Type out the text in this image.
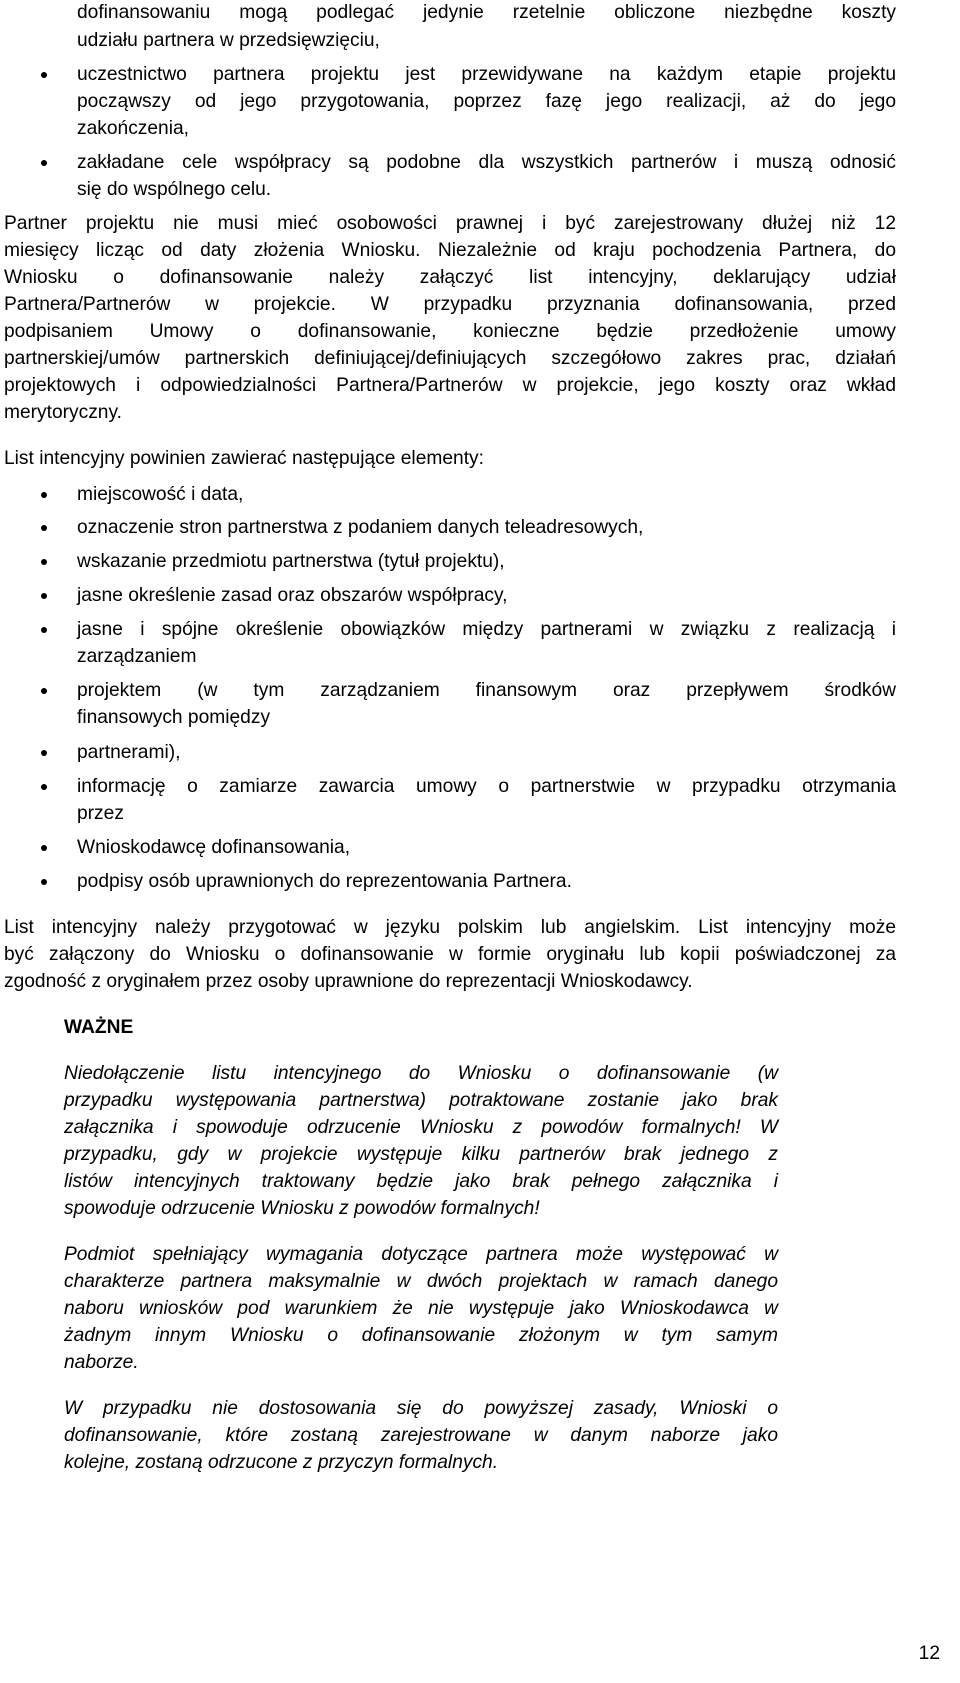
dofinansowaniu mogą podlegać jedynie rzetelnie obliczone niezbędne koszty
udziału partnera w przedsięwzięciu,
uczestnictwo partnera projektu jest przewidywane na każdym etapie projektu
począwszy od jego przygotowania, poprzez fazę jego realizacji, aż do jego
zakończenia,
zakładane cele współpracy są podobne dla wszystkich partnerów i muszą odnosić
się do wspólnego celu.
Partner projektu nie musi mieć osobowości prawnej i być zarejestrowany dłużej niż 12
miesięcy licząc od daty złożenia Wniosku. Niezależnie od kraju pochodzenia Partnera, do
Wniosku o dofinansowanie należy załączyć list intencyjny, deklarujący udział
Partnera/Partnerów w projekcie. W przypadku przyznania dofinansowania, przed
podpisaniem Umowy o dofinansowanie, konieczne będzie przedłożenie umowy
partnerskiej/umów partnerskich definiującej/definiujących szczegółowo zakres prac, działań
projektowych i odpowiedzialności Partnera/Partnerów w projekcie, jego koszty oraz wkład
merytoryczny.
List intencyjny powinien zawierać następujące elementy:
miejscowość i data,
oznaczenie stron partnerstwa z podaniem danych teleadresowych,
wskazanie przedmiotu partnerstwa (tytuł projektu),
jasne określenie zasad oraz obszarów współpracy,
jasne i spójne określenie obowiązków między partnerami w związku z realizacją i
zarządzaniem
projektem (w tym zarządzaniem finansowym oraz przepływem środków
finansowych pomiędzy
partnerami),
informację o zamiarze zawarcia umowy o partnerstwie w przypadku otrzymania
przez
Wnioskodawcę dofinansowania,
podpisy osób uprawnionych do reprezentowania Partnera.
List intencyjny należy przygotować w języku polskim lub angielskim. List intencyjny może
być załączony do Wniosku o dofinansowanie w formie oryginału lub kopii poświadczonej za
zgodność z oryginałem przez osoby uprawnione do reprezentacji Wnioskodawcy.
WAŻNE
Niedołączenie listu intencyjnego do Wniosku o dofinansowanie (w
przypadku występowania partnerstwa) potraktowane zostanie jako brak
załącznika i spowoduje odrzucenie Wniosku z powodów formalnych! W
przypadku, gdy w projekcie występuje kilku partnerów brak jednego z
listów intencyjnych traktowany będzie jako brak pełnego załącznika i
spowoduje odrzucenie Wniosku z powodów formalnych!
Podmiot spełniający wymagania dotyczące partnera może występować w
charakterze partnera maksymalnie w dwóch projektach w ramach danego
naboru wniosków pod warunkiem że nie występuje jako Wnioskodawca w
żadnym innym Wniosku o dofinansowanie złożonym w tym samym
naborze.
W przypadku nie dostosowania się do powyższej zasady, Wnioski o
dofinansowanie, które zostaną zarejestrowane w danym naborze jako
kolejne, zostaną odrzucone z przyczyn formalnych.
12
